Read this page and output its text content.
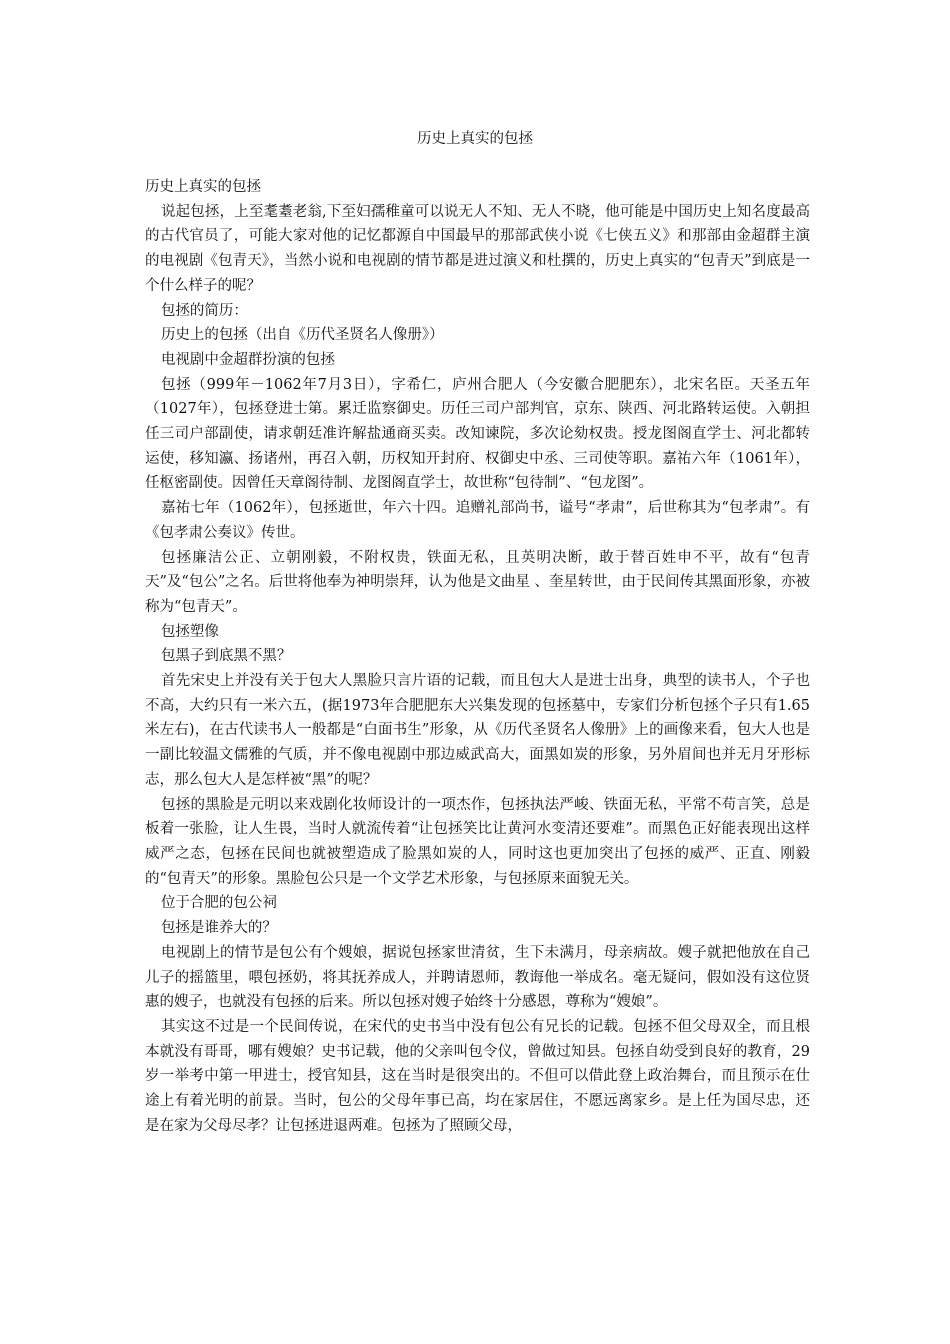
历史上真实的包拯

历史上真实的包拯

说起包拯，上至耄耋老翁,下至妇孺稚童可以说无人不知、无人不晓，他可能是中国历史上知名度最高的古代官员了，可能大家对他的记忆都源自中国最早的那部武侠小说《七侠五义》和那部由金超群主演的电视剧《包青天》，当然小说和电视剧的情节都是进过演义和杜撰的，历史上真实的“包青天”到底是一个什么样子的呢？

包拯的简历：

历史上的包拯（出自《历代圣贤名人像册》）

电视剧中金超群扮演的包拯

包拯（999年－1062年7月3日），字希仁，庐州合肥人（今安徽合肥肥东），北宋名臣。天圣五年（1027年），包拯登进士第。累迁监察御史。历任三司户部判官，京东、陕西、河北路转运使。入朝担任三司户部副使，请求朝廷准许解盐通商买卖。改知谏院，多次论劾权贵。授龙图阁直学士、河北都转运使，移知瀛、扬诸州，再召入朝，历权知开封府、权御史中丞、三司使等职。嘉祐六年（1061年），任枢密副使。因曾任天章阁待制、龙图阁直学士，故世称“包待制”、“包龙图”。

嘉祐七年（1062年），包拯逝世，年六十四。追赠礼部尚书，谥号“孝肃”，后世称其为“包孝肃”。有《包孝肃公奏议》传世。

包拯廉洁公正、立朝刚毅，不附权贵，铁面无私，且英明决断，敢于替百姓申不平，故有“包青天”及“包公”之名。后世将他奉为神明崇拜，认为他是文曲星 、奎星转世，由于民间传其黑面形象，亦被称为“包青天”。

包拯塑像

包黑子到底黑不黑？

首先宋史上并没有关于包大人黑脸只言片语的记载，而且包大人是进士出身，典型的读书人，个子也不高，大约只有一米六五，(据1973年合肥肥东大兴集发现的包拯墓中，专家们分析包拯个子只有1.65米左右)，在古代读书人一般都是“白面书生”形象，从《历代圣贤名人像册》上的画像来看，包大人也是一副比较温文儒雅的气质，并不像电视剧中那边威武高大，面黑如炭的形象，另外眉间也并无月牙形标志，那么包大人是怎样被“黑”的呢？

包拯的黑脸是元明以来戏剧化妆师设计的一项杰作，包拯执法严峻、铁面无私，平常不苟言笑，总是板着一张脸，让人生畏，当时人就流传着“让包拯笑比让黄河水变清还要难”。而黑色正好能表现出这样威严之态，包拯在民间也就被塑造成了脸黑如炭的人，同时这也更加突出了包拯的威严、正直、刚毅的“包青天”的形象。黑脸包公只是一个文学艺术形象，与包拯原来面貌无关。

位于合肥的包公祠

包拯是谁养大的？

电视剧上的情节是包公有个嫂娘，据说包拯家世清贫，生下未满月，母亲病故。嫂子就把他放在自己儿子的摇篮里，喂包拯奶，将其抚养成人，并聘请恩师，教诲他一举成名。毫无疑问，假如没有这位贤惠的嫂子，也就没有包拯的后来。所以包拯对嫂子始终十分感恩，尊称为“嫂娘”。

其实这不过是一个民间传说，在宋代的史书当中没有包公有兄长的记载。包拯不但父母双全，而且根本就没有哥哥，哪有嫂娘？史书记载，他的父亲叫包令仪，曾做过知县。包拯自幼受到良好的教育，29岁一举考中第一甲进士，授官知县，这在当时是很突出的。不但可以借此登上政治舞台，而且预示在仕途上有着光明的前景。当时，包公的父母年事已高，均在家居住，不愿远离家乡。是上任为国尽忠，还是在家为父母尽孝？让包拯进退两难。包拯为了照顾父母，
